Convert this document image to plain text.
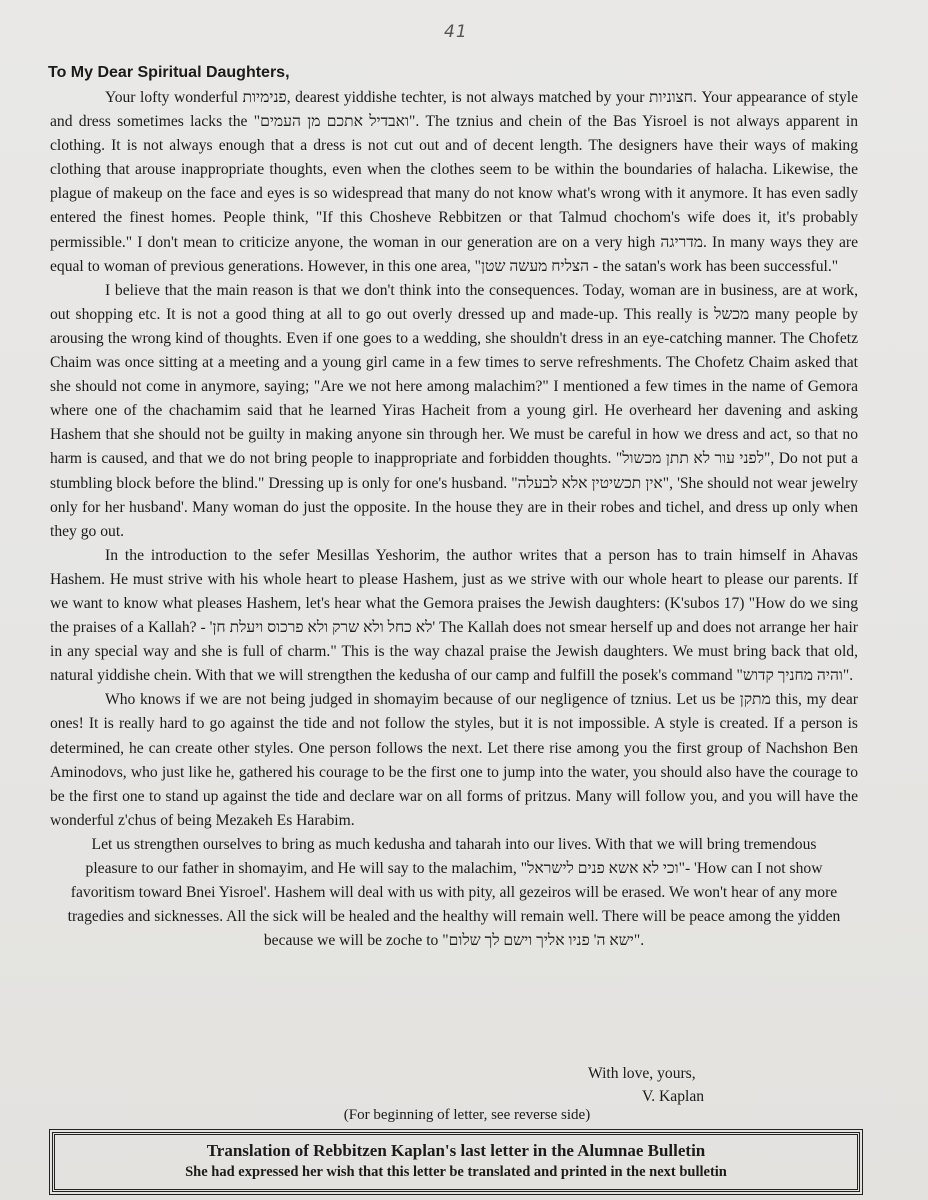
41
To My Dear Spiritual Daughters,

Your lofty wonderful פנימיות, dearest yiddishe techter, is not always matched by your חצוניות. Your appearance of style and dress sometimes lacks the "ואבדיל אתכם מן העמים". The tznius and chein of the Bas Yisroel is not always apparent in clothing. It is not always enough that a dress is not cut out and of decent length. The designers have their ways of making clothing that arouse inappropriate thoughts, even when the clothes seem to be within the boundaries of halacha. Likewise, the plague of makeup on the face and eyes is so widespread that many do not know what's wrong with it anymore. It has even sadly entered the finest homes. People think, "If this Chosheve Rebbitzen or that Talmud chochom's wife does it, it's probably permissible." I don't mean to criticize anyone, the woman in our generation are on a very high מדריגה. In many ways they are equal to woman of previous generations. However, in this one area, "הצליח מעשה שטן - the satan's work has been successful."

I believe that the main reason is that we don't think into the consequences. Today, woman are in business, are at work, out shopping etc. It is not a good thing at all to go out overly dressed up and made-up. This really is מכשל many people by arousing the wrong kind of thoughts. Even if one goes to a wedding, she shouldn't dress in an eye-catching manner. The Chofetz Chaim was once sitting at a meeting and a young girl came in a few times to serve refreshments. The Chofetz Chaim asked that she should not come in anymore, saying; "Are we not here among malachim?" I mentioned a few times in the name of Gemora where one of the chachamim said that he learned Yiras Hacheit from a young girl. He overheard her davening and asking Hashem that she should not be guilty in making anyone sin through her. We must be careful in how we dress and act, so that no harm is caused, and that we do not bring people to inappropriate and forbidden thoughts. "לפני עור לא תתן מכשול", Do not put a stumbling block before the blind." Dressing up is only for one's husband. "אין תכשיטין אלא לבעלה", 'She should not wear jewelry only for her husband'. Many woman do just the opposite. In the house they are in their robes and tichel, and dress up only when they go out.

In the introduction to the sefer Mesillas Yeshorim, the author writes that a person has to train himself in Ahavas Hashem. He must strive with his whole heart to please Hashem, just as we strive with our whole heart to please our parents. If we want to know what pleases Hashem, let's hear what the Gemora praises the Jewish daughters: (K'subos 17) "How do we sing the praises of a Kallah? - 'לא כחל ולא שרק ולא פרכוס ויעלת חן' The Kallah does not smear herself up and does not arrange her hair in any special way and she is full of charm." This is the way chazal praise the Jewish daughters. We must bring back that old, natural yiddishe chein. With that we will strengthen the kedusha of our camp and fulfill the posek's command "והיה מחניך קדוש".

Who knows if we are not being judged in shomayim because of our negligence of tznius. Let us be מתקן this, my dear ones! It is really hard to go against the tide and not follow the styles, but it is not impossible. A style is created. If a person is determined, he can create other styles. One person follows the next. Let there rise among you the first group of Nachshon Ben Aminodovs, who just like he, gathered his courage to be the first one to jump into the water, you should also have the courage to be the first one to stand up against the tide and declare war on all forms of pritzus. Many will follow you, and you will have the wonderful z'chus of being Mezakeh Es Harabim.

Let us strengthen ourselves to bring as much kedusha and taharah into our lives. With that we will bring tremendous pleasure to our father in shomayim, and He will say to the malachim, "וכי לא אשא פנים לישראל"- 'How can I not show favoritism toward Bnei Yisroel'. Hashem will deal with us with pity, all gezeiros will be erased. We won't hear of any more tragedies and sicknesses. All the sick will be healed and the healthy will remain well. There will be peace among the yidden because we will be zoche to "ישא ה' פניו אליך וישם לך שלום".

With love, yours,
V. Kaplan
(For beginning of letter, see reverse side)
Translation of Rebbitzen Kaplan's last letter in the Alumnae Bulletin
She had expressed her wish that this letter be translated and printed in the next bulletin
